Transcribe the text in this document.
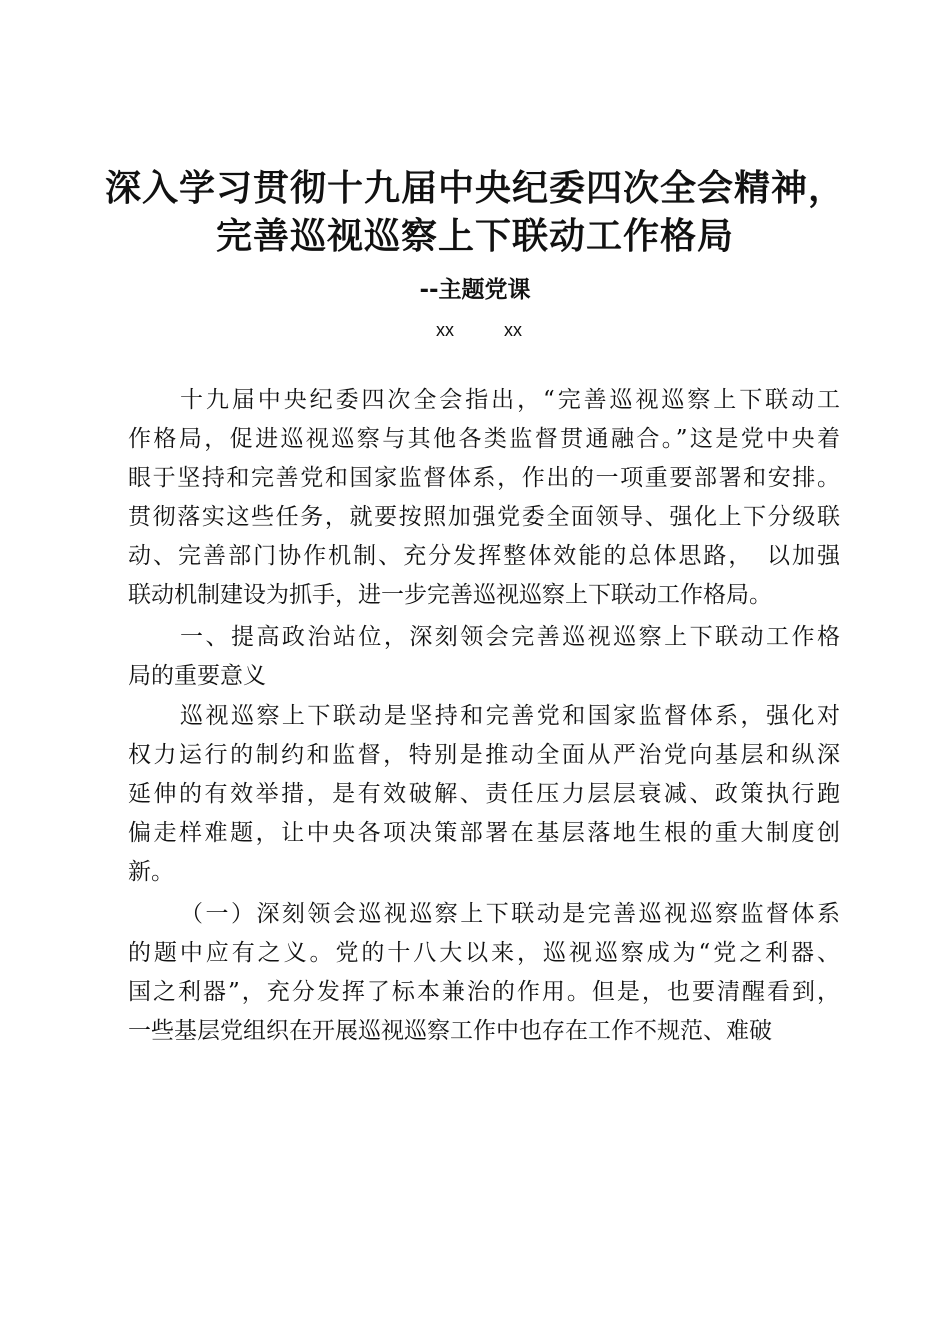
深入学习贯彻十九届中央纪委四次全会精神，
完善巡视巡察上下联动工作格局
--主题党课
xx	xx
十九届中央纪委四次全会指出，“完善巡视巡察上下联动工
作格局，促进巡视巡察与其他各类监督贯通融合。”这是党中央着
眼于坚持和完善党和国家监督体系，作出的一项重要部署和安排。
贯彻落实这些任务，就要按照加强党委全面领导、强化上下分级联
动、完善部门协作机制、充分发挥整体效能的总体思路，　以加强
联动机制建设为抓手，进一步完善巡视巡察上下联动工作格局。
一、提高政治站位，深刻领会完善巡视巡察上下联动工作格
局的重要意义
巡视巡察上下联动是坚持和完善党和国家监督体系，强化对
权力运行的制约和监督，特别是推动全面从严治党向基层和纵深
延伸的有效举措，是有效破解、责任压力层层衰减、政策执行跑
偏走样难题，让中央各项决策部署在基层落地生根的重大制度创
新。
（一）深刻领会巡视巡察上下联动是完善巡视巡察监督体系
的题中应有之义。党的十八大以来，巡视巡察成为“党之利器、
国之利器”，充分发挥了标本兼治的作用。但是，也要清醒看到，
一些基层党组织在开展巡视巡察工作中也存在工作不规范、难破
